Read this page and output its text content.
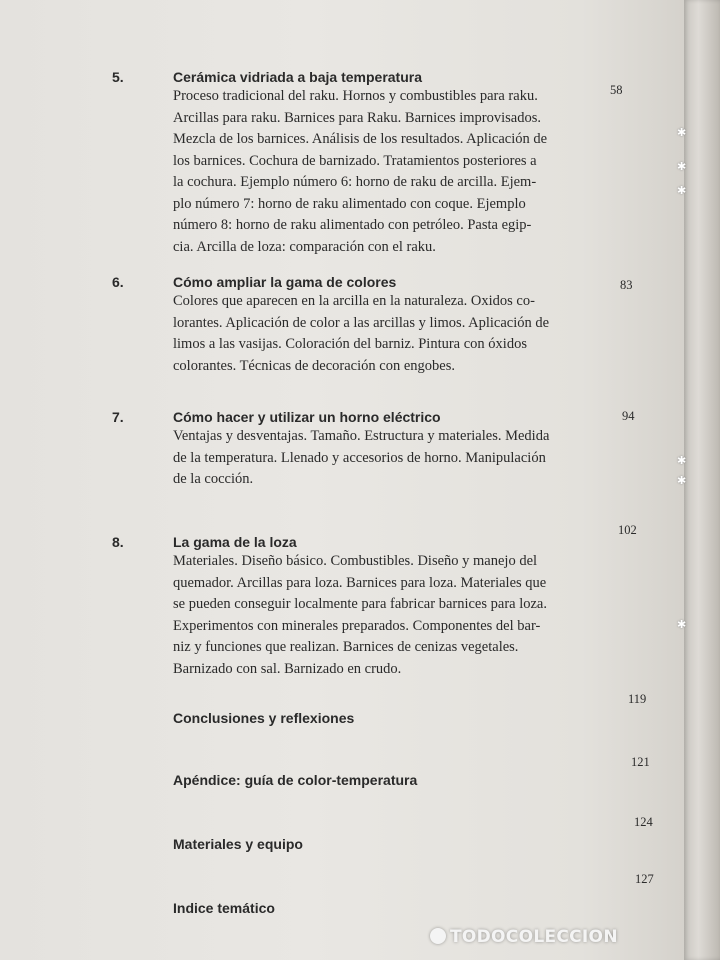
✱
✱
✱
✱
✱
✱
5.	Cerámica vidriada a baja temperatura
Proceso tradicional del raku. Hornos y combustibles para raku.
Arcillas para raku. Barnices para Raku. Barnices improvisados.
Mezcla de los barnices. Análisis de los resultados. Aplicación de
los barnices. Cochura de barnizado. Tratamientos posteriores a
la cochura. Ejemplo número 6: horno de raku de arcilla. Ejem-
plo número 7: horno de raku alimentado con coque. Ejemplo
número 8: horno de raku alimentado con petróleo. Pasta egip-
cia. Arcilla de loza: comparación con el raku.
58
6.	Cómo ampliar la gama de colores
Colores que aparecen en la arcilla en la naturaleza. Oxidos co-
lorantes. Aplicación de color a las arcillas y limos. Aplicación de
limos a las vasijas. Coloración del barniz. Pintura con óxidos
colorantes. Técnicas de decoración con engobes.
83
7.	Cómo hacer y utilizar un horno eléctrico
Ventajas y desventajas. Tamaño. Estructura y materiales. Medida
de la temperatura. Llenado y accesorios de horno. Manipulación
de la cocción.
94
8.	La gama de la loza
Materiales. Diseño básico. Combustibles. Diseño y manejo del
quemador. Arcillas para loza. Barnices para loza. Materiales que
se pueden conseguir localmente para fabricar barnices para loza.
Experimentos con minerales preparados. Componentes del bar-
niz y funciones que realizan. Barnices de cenizas vegetales.
Barnizado con sal. Barnizado en crudo.
102
Conclusiones y reflexiones
119
Apéndice: guía de color-temperatura
121
Materiales y equipo
124
Indice temático
127
TODOCOLECCION
